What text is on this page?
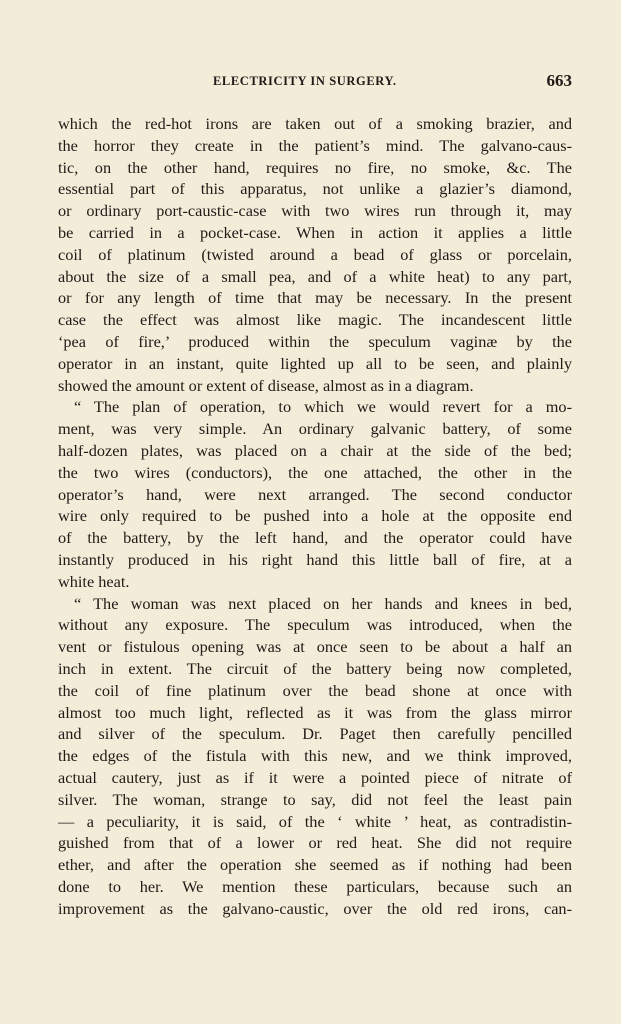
ELECTRICITY IN SURGERY.	663
which the red-hot irons are taken out of a smoking brazier, and
the horror they create in the patient’s mind. The galvano-caus-
tic, on the other hand, requires no fire, no smoke, &c. The
essential part of this apparatus, not unlike a glazier’s diamond,
or ordinary port-caustic-case with two wires run through it, may
be carried in a pocket-case. When in action it applies a little
coil of platinum (twisted around a bead of glass or porcelain,
about the size of a small pea, and of a white heat) to any part,
or for any length of time that may be necessary. In the present
case the effect was almost like magic. The incandescent little
‘pea of fire,’ produced within the speculum vaginæ by the
operator in an instant, quite lighted up all to be seen, and plainly
showed the amount or extent of disease, almost as in a diagram.
“ The plan of operation, to which we would revert for a mo-
ment, was very simple. An ordinary galvanic battery, of some
half-dozen plates, was placed on a chair at the side of the bed;
the two wires (conductors), the one attached, the other in the
operator’s hand, were next arranged. The second conductor
wire only required to be pushed into a hole at the opposite end
of the battery, by the left hand, and the operator could have
instantly produced in his right hand this little ball of fire, at a
white heat.
“ The woman was next placed on her hands and knees in bed,
without any exposure. The speculum was introduced, when the
vent or fistulous opening was at once seen to be about a half an
inch in extent. The circuit of the battery being now completed,
the coil of fine platinum over the bead shone at once with
almost too much light, reflected as it was from the glass mirror
and silver of the speculum. Dr. Paget then carefully pencilled
the edges of the fistula with this new, and we think improved,
actual cautery, just as if it were a pointed piece of nitrate of
silver. The woman, strange to say, did not feel the least pain
— a peculiarity, it is said, of the ‘ white ’ heat, as contradistin-
guished from that of a lower or red heat. She did not require
ether, and after the operation she seemed as if nothing had been
done to her. We mention these particulars, because such an
improvement as the galvano-caustic, over the old red irons, can-
